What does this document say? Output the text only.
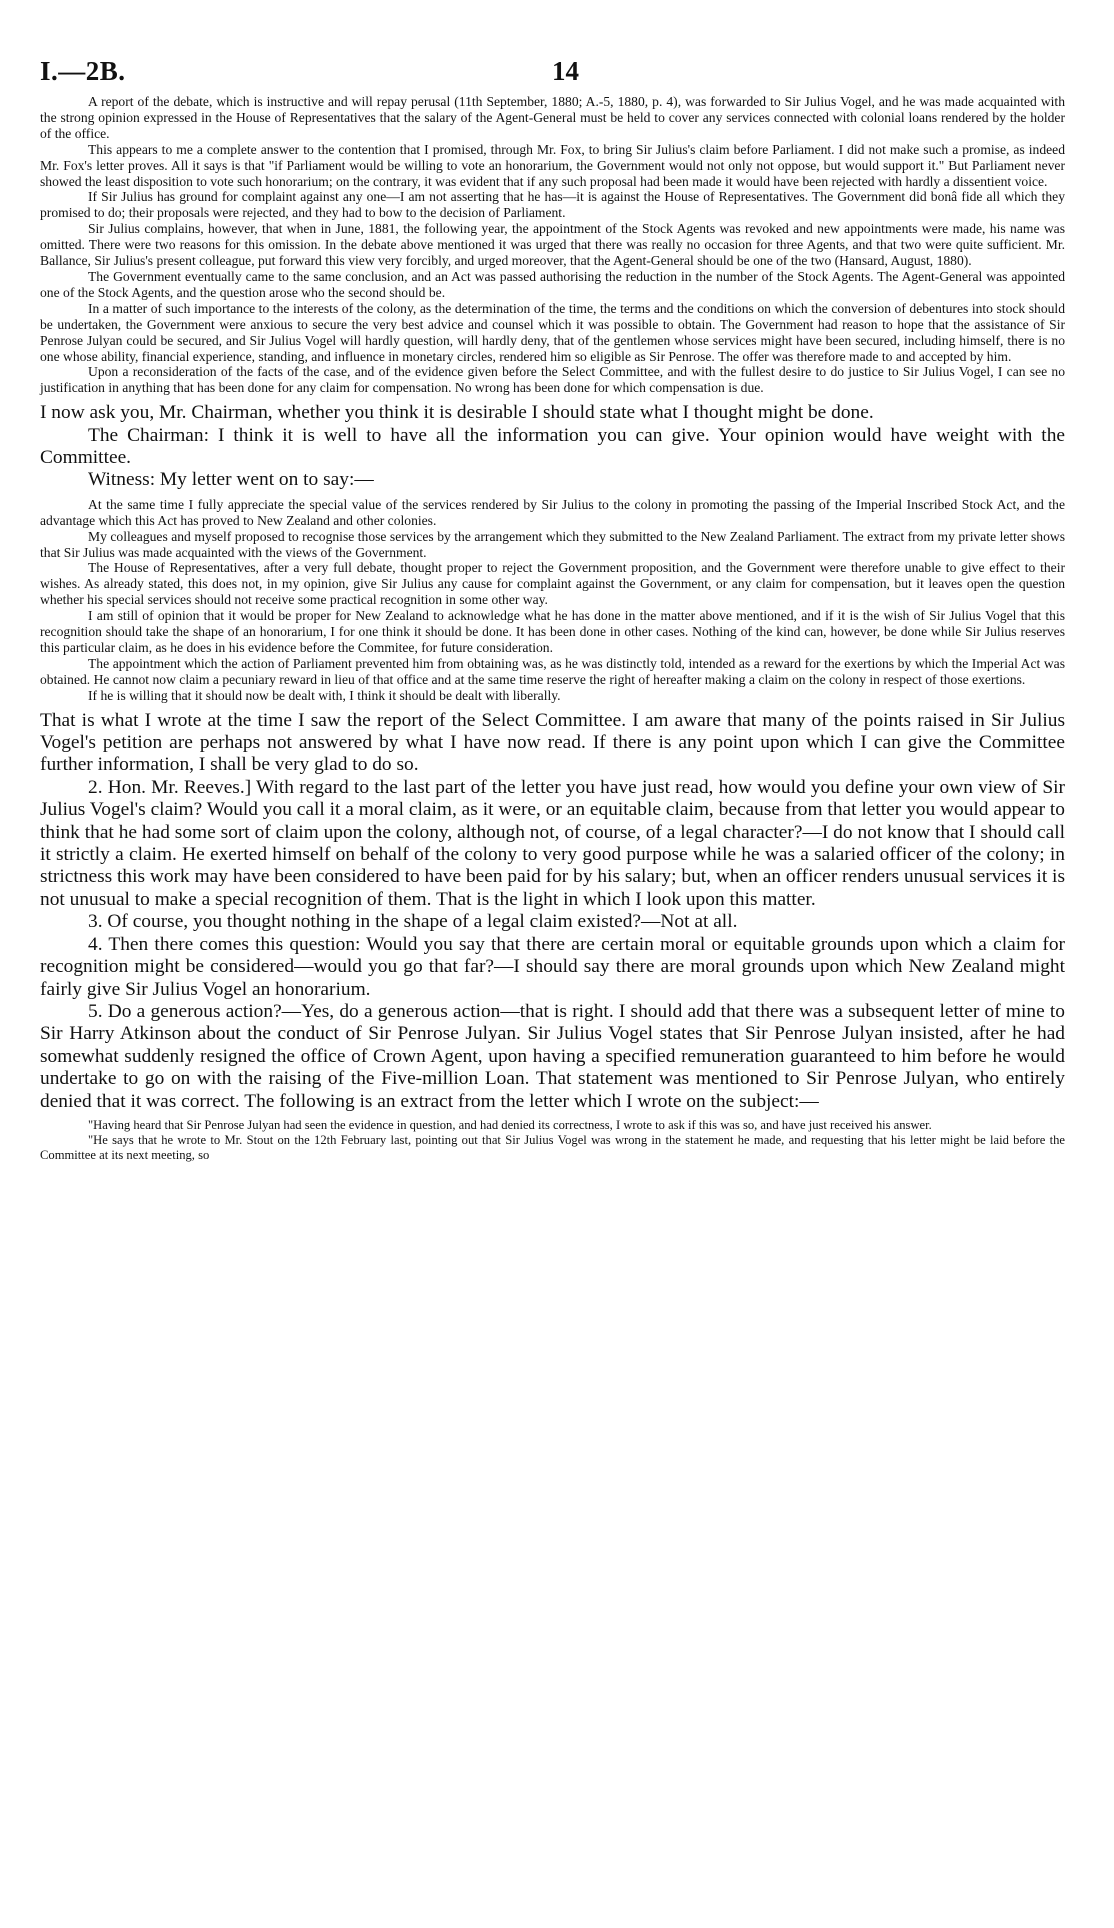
I.—2B.	14

A report of the debate, which is instructive and will repay perusal (11th September, 1880; A.-5, 1880, p. 4), was forwarded to Sir Julius Vogel, and he was made acquainted with the strong opinion expressed in the House of Representatives that the salary of the Agent-General must be held to cover any services connected with colonial loans rendered by the holder of the office.

This appears to me a complete answer to the contention that I promised, through Mr. Fox, to bring Sir Julius's claim before Parliament. I did not make such a promise, as indeed Mr. Fox's letter proves. All it says is that "if Parliament would be willing to vote an honorarium, the Government would not only not oppose, but would support it." But Parliament never showed the least disposition to vote such honorarium; on the contrary, it was evident that if any such proposal had been made it would have been rejected with hardly a dissentient voice.

If Sir Julius has ground for complaint against any one—I am not asserting that he has—it is against the House of Representatives. The Government did bonâ fide all which they promised to do; their proposals were rejected, and they had to bow to the decision of Parliament.

Sir Julius complains, however, that when in June, 1881, the following year, the appointment of the Stock Agents was revoked and new appointments were made, his name was omitted. There were two reasons for this omission. In the debate above mentioned it was urged that there was really no occasion for three Agents, and that two were quite sufficient. Mr. Ballance, Sir Julius's present colleague, put forward this view very forcibly, and urged moreover, that the Agent-General should be one of the two (Hansard, August, 1880).

The Government eventually came to the same conclusion, and an Act was passed authorising the reduction in the number of the Stock Agents. The Agent-General was appointed one of the Stock Agents, and the question arose who the second should be.

In a matter of such importance to the interests of the colony, as the determination of the time, the terms and the conditions on which the conversion of debentures into stock should be undertaken, the Government were anxious to secure the very best advice and counsel which it was possible to obtain. The Government had reason to hope that the assistance of Sir Penrose Julyan could be secured, and Sir Julius Vogel will hardly question, will hardly deny, that of the gentlemen whose services might have been secured, including himself, there is no one whose ability, financial experience, standing, and influence in monetary circles, rendered him so eligible as Sir Penrose. The offer was therefore made to and accepted by him.

Upon a reconsideration of the facts of the case, and of the evidence given before the Select Committee, and with the fullest desire to do justice to Sir Julius Vogel, I can see no justification in anything that has been done for any claim for compensation. No wrong has been done for which compensation is due.

I now ask you, Mr. Chairman, whether you think it is desirable I should state what I thought might be done.

The Chairman: I think it is well to have all the information you can give. Your opinion would have weight with the Committee.

Witness: My letter went on to say:—

At the same time I fully appreciate the special value of the services rendered by Sir Julius to the colony in promoting the passing of the Imperial Inscribed Stock Act, and the advantage which this Act has proved to New Zealand and other colonies.

My colleagues and myself proposed to recognise those services by the arrangement which they submitted to the New Zealand Parliament. The extract from my private letter shows that Sir Julius was made acquainted with the views of the Government.

The House of Representatives, after a very full debate, thought proper to reject the Government proposition, and the Government were therefore unable to give effect to their wishes. As already stated, this does not, in my opinion, give Sir Julius any cause for complaint against the Government, or any claim for compensation, but it leaves open the question whether his special services should not receive some practical recognition in some other way.

I am still of opinion that it would be proper for New Zealand to acknowledge what he has done in the matter above mentioned, and if it is the wish of Sir Julius Vogel that this recognition should take the shape of an honorarium, I for one think it should be done. It has been done in other cases. Nothing of the kind can, however, be done while Sir Julius reserves this particular claim, as he does in his evidence before the Commitee, for future consideration.

The appointment which the action of Parliament prevented him from obtaining was, as he was distinctly told, intended as a reward for the exertions by which the Imperial Act was obtained. He cannot now claim a pecuniary reward in lieu of that office and at the same time reserve the right of hereafter making a claim on the colony in respect of those exertions.

If he is willing that it should now be dealt with, I think it should be dealt with liberally.

That is what I wrote at the time I saw the report of the Select Committee. I am aware that many of the points raised in Sir Julius Vogel's petition are perhaps not answered by what I have now read. If there is any point upon which I can give the Committee further information, I shall be very glad to do so.

2. Hon. Mr. Reeves.] With regard to the last part of the letter you have just read, how would you define your own view of Sir Julius Vogel's claim? Would you call it a moral claim, as it were, or an equitable claim, because from that letter you would appear to think that he had some sort of claim upon the colony, although not, of course, of a legal character?—I do not know that I should call it strictly a claim. He exerted himself on behalf of the colony to very good purpose while he was a salaried officer of the colony; in strictness this work may have been considered to have been paid for by his salary; but, when an officer renders unusual services it is not unusual to make a special recognition of them. That is the light in which I look upon this matter.

3. Of course, you thought nothing in the shape of a legal claim existed?—Not at all.

4. Then there comes this question: Would you say that there are certain moral or equitable grounds upon which a claim for recognition might be considered—would you go that far?—I should say there are moral grounds upon which New Zealand might fairly give Sir Julius Vogel an honorarium.

5. Do a generous action?—Yes, do a generous action—that is right. I should add that there was a subsequent letter of mine to Sir Harry Atkinson about the conduct of Sir Penrose Julyan. Sir Julius Vogel states that Sir Penrose Julyan insisted, after he had somewhat suddenly resigned the office of Crown Agent, upon having a specified remuneration guaranteed to him before he would undertake to go on with the raising of the Five-million Loan. That statement was mentioned to Sir Penrose Julyan, who entirely denied that it was correct. The following is an extract from the letter which I wrote on the subject:—

"Having heard that Sir Penrose Julyan had seen the evidence in question, and had denied its correctness, I wrote to ask if this was so, and have just received his answer.

"He says that he wrote to Mr. Stout on the 12th February last, pointing out that Sir Julius Vogel was wrong in the statement he made, and requesting that his letter might be laid before the Committee at its next meeting, so
